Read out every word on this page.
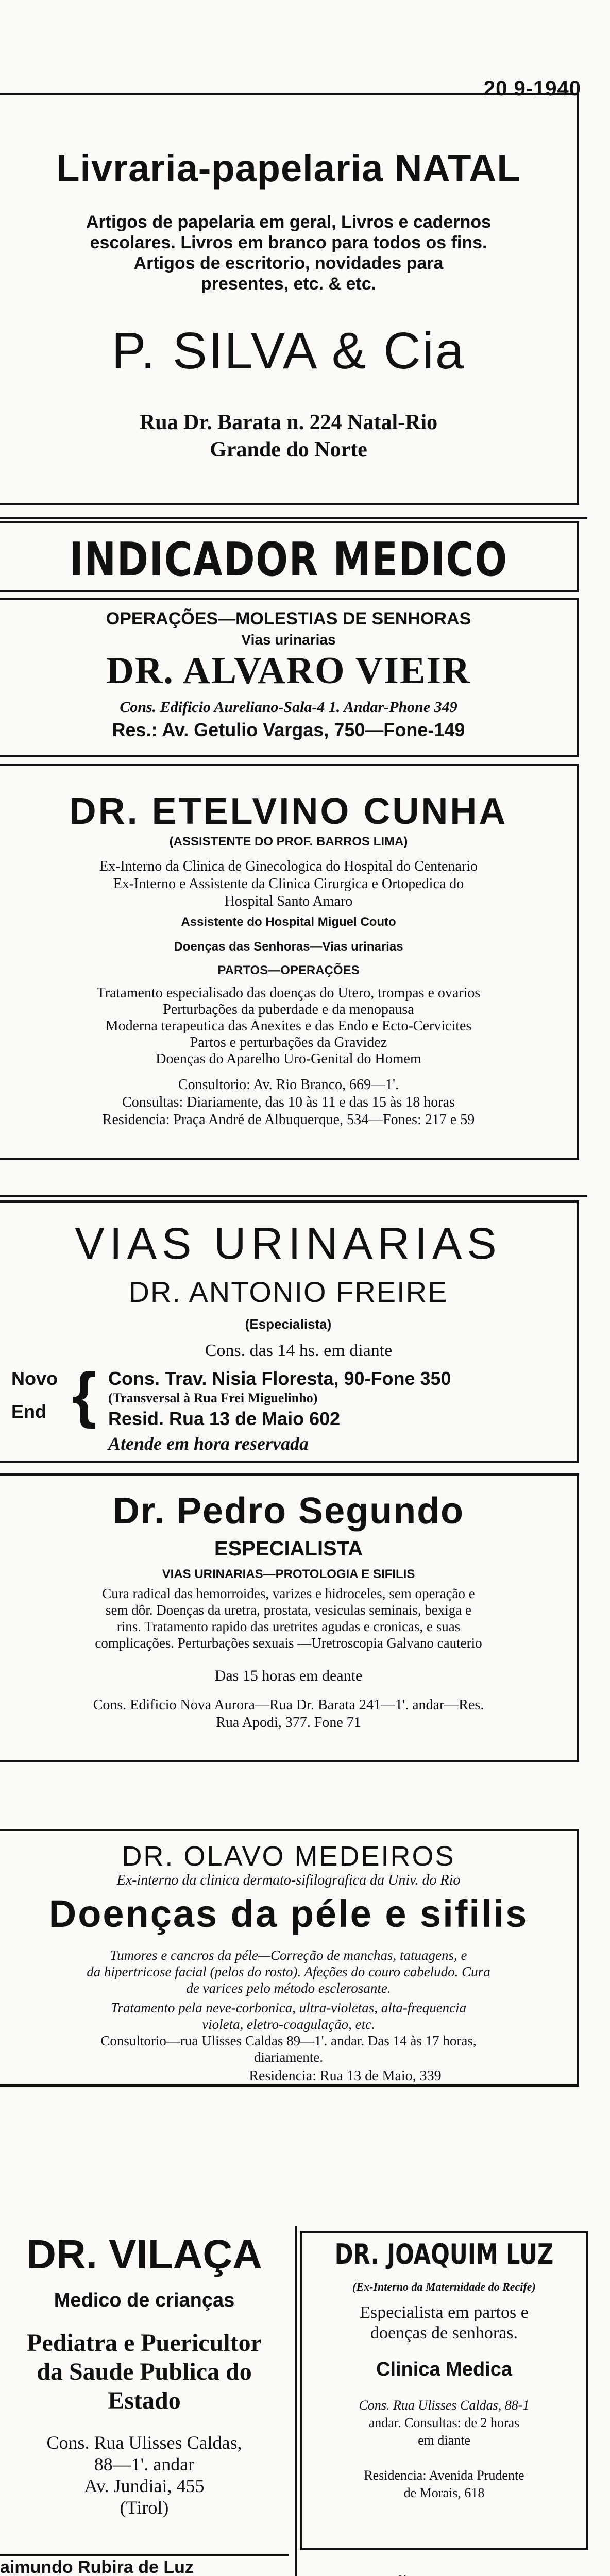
20 9-1940
Livraria-papelaria NATAL
Artigos de papelaria em geral, Livros e cadernos
escolares. Livros em branco para todos os fins.
Artigos de escritorio, novidades para
presentes, etc. & etc.
P. SILVA & Cia
Rua Dr. Barata n. 224 Natal-Rio
Grande do Norte
INDICADOR MEDICO
OPERAÇÕES—MOLESTIAS DE SENHORAS
Vias urinarias
DR. ALVARO VIEIR
Cons. Edificio Aureliano-Sala-4 1. Andar-Phone 349
Res.: Av. Getulio Vargas, 750—Fone-149
DR. ETELVINO CUNHA
(ASSISTENTE DO PROF. BARROS LIMA)
Ex-Interno da Clinica de Ginecologica do Hospital do Centenario
Ex-Interno e Assistente da Clinica Cirurgica e Ortopedica do
Hospital Santo Amaro
Assistente do Hospital Miguel Couto
Doenças das Senhoras—Vias urinarias
PARTOS—OPERAÇÕES
Tratamento especialisado das doenças do Utero, trompas e ovarios
Perturbações da puberdade e da menopausa
Moderna terapeutica das Anexites e das Endo e Ecto-Cervicites
Partos e perturbações da Gravidez
Doenças do Aparelho Uro-Genital do Homem
Consultorio: Av. Rio Branco, 669—1'.
Consultas: Diariamente, das 10 às 11 e das 15 às 18 horas
Residencia: Praça André de Albuquerque, 534—Fones: 217 e 59
VIAS URINARIAS
DR. ANTONIO FREIRE
(Especialista)
Cons. das 14 hs. em diante
Novo
End { Cons. Trav. Nisia Floresta, 90-Fone 350
(Transversal à Rua Frei Miguelinho)
Resid. Rua 13 de Maio 602
Atende em hora reservada
Dr. Pedro Segundo
ESPECIALISTA
VIAS URINARIAS—PROTOLOGIA E SIFILIS
Cura radical das hemorroides, varizes e hidroceles, sem operação e
sem dôr. Doenças da uretra, prostata, vesiculas seminais, bexiga e
rins. Tratamento rapido das uretrites agudas e cronicas, e suas
complicações. Perturbações sexuais —Uretroscopia Galvano cauterio
Das 15 horas em deante
Cons. Edificio Nova Aurora—Rua Dr. Barata 241—1'. andar—Res.
Rua Apodi, 377. Fone 71
DR. OLAVO MEDEIROS
Ex-interno da clinica dermato-sifilografica da Univ. do Rio
Doenças da péle e sifilis
Tumores e cancros da péle—Correção de manchas, tatuagens, e
da hipertricose facial (pelos do rosto). Afeções do couro cabeludo. Cura
de varices pelo método esclerosante.
Tratamento pela neve-corbonica, ultra-violetas, alta-frequencia
violeta, eletro-coagulação, etc.
Consultorio—rua Ulisses Caldas 89—1'. andar. Das 14 às 17 horas,
diariamente.
Residencia: Rua 13 de Maio, 339
DR. VILAÇA
Medico de crianças
Pediatra e Puericultor
da Saude Publica do
Estado
Cons. Rua Ulisses Caldas,
88—1'. andar
Av. Jundiai, 455
(Tirol)
DR. JOAQUIM LUZ
(Ex-Interno da Maternidade do Recife)
Especialista em partos e
doenças de senhoras.
Clinica Medica
Cons. Rua Ulisses Caldas, 88-1
andar. Consultas: de 2 horas
em diante
Residencia: Avenida Prudente
de Morais, 618
aimundo Rubira de Luz
